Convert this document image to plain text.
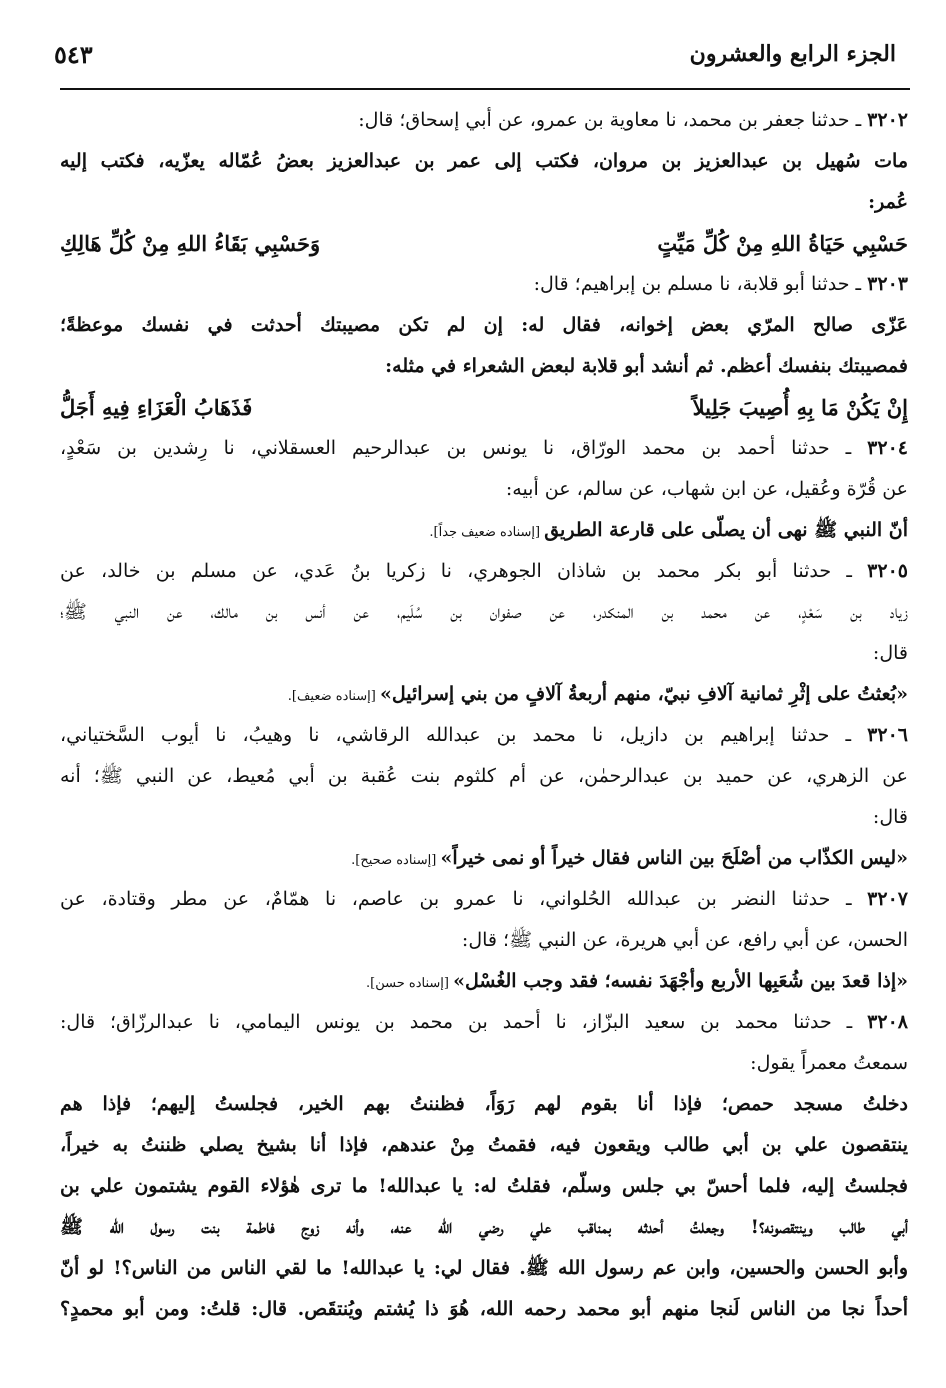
الجزء الرابع والعشرون
٥٤٣
٣٢٠٢ ـ حدثنا جعفر بن محمد، نا معاوية بن عمرو، عن أبي إسحاق؛ قال:
مات سُهيل بن عبدالعزيز بن مروان، فكتب إلى عمر بن عبدالعزيز بعضُ عُمّاله يعزّيه، فكتب إليه
عُمر:
حَسْبِي حَيَاةُ اللهِ مِنْ كُلِّ مَيِّتٍ
وَحَسْبِي بَقَاءُ اللهِ مِنْ كُلِّ هَالِكِ
٣٢٠٣ ـ حدثنا أبو قلابة، نا مسلم بن إبراهيم؛ قال:
عَزّى صالح المرّي بعض إخوانه، فقال له: إن لم تكن مصيبتك أحدثت في نفسك موعظةً؛
فمصيبتك بنفسك أعظم. ثم أنشد أبو قلابة لبعض الشعراء في مثله:
إِنْ يَكُنْ مَا بِهِ أُصِيبَ جَلِيلاً
فَذَهَابُ الْعَزَاءِ فِيهِ أَجَلُّ
٣٢٠٤ ـ حدثنا أحمد بن محمد الورّاق، نا يونس بن عبدالرحيم العسقلاني، نا رِشدين بن سَعْدٍ،
عن قُرّة وعُقيل، عن ابن شهاب، عن سالم، عن أبيه:
أنّ النبي ﷺ نهى أن يصلّى على قارعة الطريق [إسناده ضعيف جداً].
٣٢٠٥ ـ حدثنا أبو بكر محمد بن شاذان الجوهري، نا زكريا بنُ عَدي، عن مسلم بن خالد، عن
زياد بن سَعْدٍ، عن محمد بن المنكدر، عن صفوان بن سُلَيم، عن أنس بن مالك، عن النبي ﷺ؛
قال:
«بُعثتُ على إثْرِ ثمانية آلافِ نبيّ، منهم أربعةُ آلافٍ من بني إسرائيل» [إسناده ضعيف].
٣٢٠٦ ـ حدثنا إبراهيم بن دازيل، نا محمد بن عبدالله الرقاشي، نا وهيبُ، نا أيوب السَّختياني،
عن الزهري، عن حميد بن عبدالرحمٰن، عن أم كلثوم بنت عُقبة بن أبي مُعيط، عن النبي ﷺ؛ أنه
قال:
«ليس الكذّاب من أصْلَحَ بين الناس فقال خيراً أو نمى خيراً» [إسناده صحيح].
٣٢٠٧ ـ حدثنا النضر بن عبدالله الحُلواني، نا عمرو بن عاصم، نا همّامٌ، عن مطر وقتادة، عن
الحسن، عن أبي رافع، عن أبي هريرة، عن النبي ﷺ؛ قال:
«إذا قعدَ بين شُعَبِها الأربع وأجْهَدَ نفسه؛ فقد وجب الغُسْل» [إسناده حسن].
٣٢٠٨ ـ حدثنا محمد بن سعيد البزّاز، نا أحمد بن محمد بن يونس اليمامي، نا عبدالرزّاق؛ قال:
سمعتُ معمراً يقول:
دخلتُ مسجد حمص؛ فإذا أنا بقوم لهم رَوَاً، فظننتُ بهم الخير، فجلستُ إليهم؛ فإذا هم
ينتقصون علي بن أبي طالب ويقعون فيه، فقمتُ مِنْ عندهم، فإذا أنا بشيخ يصلي ظننتُ به خيراً،
فجلستُ إليه، فلما أحسّ بي جلس وسلّم، فقلتُ له: يا عبدالله! ما ترى هٰؤلاء القوم يشتمون علي بن
أبي طالب وينتقصونه؟! وجعلتُ أحدثه بمناقب علي رضي الله عنه، وأنه زوج فاطمة بنت رسول الله ﷺ
وأبو الحسن والحسين، وابن عم رسول الله ﷺ. فقال لي: يا عبدالله! ما لقي الناس من الناس؟! لو أنّ
أحداً نجا من الناس لَنجا منهم أبو محمد رحمه الله، هُوَ ذا يُشتم ويُنتقَص. قال: قلتُ: ومن أبو محمدٍ؟
